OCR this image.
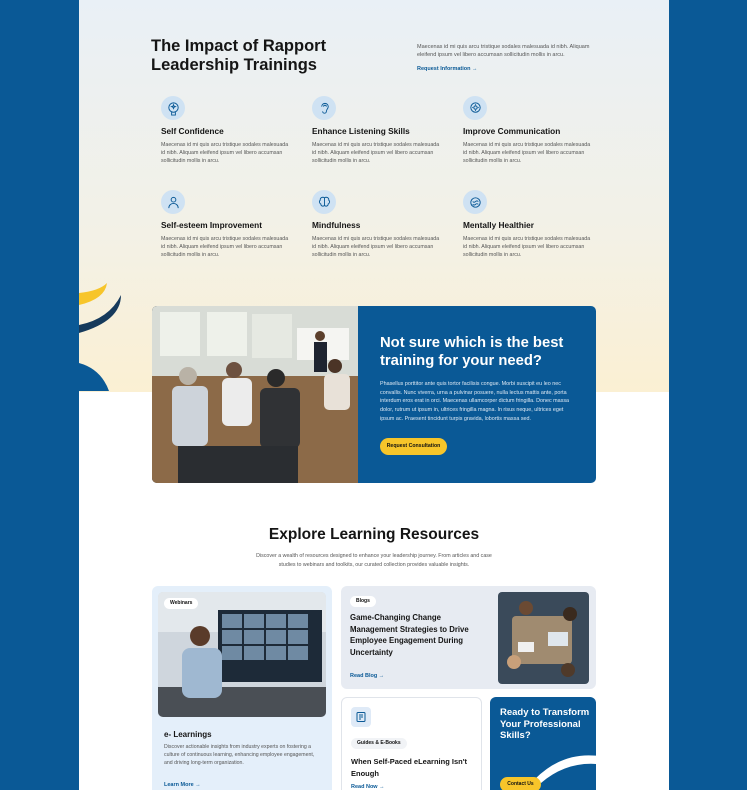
The Impact of Rapport
Leadership Trainings

Maecenas id mi quis arcu tristique sodales malesuada id nibh. Aliquam eleifend ipsum vel libero accumsan sollicitudin mollis in arcu.

Request Information →
Self Confidence
Maecenas id mi quis arcu tristique sodales malesuada id nibh. Aliquam eleifend ipsum vel libero accumsan sollicitudin mollis in arcu.
Enhance Listening Skills
Maecenas id mi quis arcu tristique sodales malesuada id nibh. Aliquam eleifend ipsum vel libero accumsan sollicitudin mollis in arcu.
Improve Communication
Maecenas id mi quis arcu tristique sodales malesuada id nibh. Aliquam eleifend ipsum vel libero accumsan sollicitudin mollis in arcu.
Self-esteem Improvement
Maecenas id mi quis arcu tristique sodales malesuada id nibh. Aliquam eleifend ipsum vel libero accumsan sollicitudin mollis in arcu.
Mindfulness
Maecenas id mi quis arcu tristique sodales malesuada id nibh. Aliquam eleifend ipsum vel libero accumsan sollicitudin mollis in arcu.
Mentally Healthier
Maecenas id mi quis arcu tristique sodales malesuada id nibh. Aliquam eleifend ipsum vel libero accumsan sollicitudin mollis in arcu.
Not sure which is the best training for your need?

Phasellus porttitor ante quis tortor facilisis congue. Morbi suscipit eu leo nec convallis. Nunc viverra, urna a pulvinar posuere, nulla lectus mattis ante, porta interdum eros erat in orci. Maecenas ullamcorper dictum fringilla. Donec massa dolor, rutrum ut ipsum in, ultrices fringilla magna. In risus neque, ultrices eget ipsum ac. Praesent tincidunt turpis gravida, lobortis massa sed.

Request Consultation
Explore Learning Resources

Discover a wealth of resources designed to enhance your leadership journey. From articles and case studies to webinars and toolkits, our curated collection provides valuable insights.

Webinars
e- Learnings

Discover actionable insights from industry experts on fostering a culture of continuous learning, enhancing employee engagement, and driving long-term organization.

Learn More →
Blogs
Game-Changing Change Management Strategies to Drive Employee Engagement During Uncertainty
Read Blog →
Guides & E-Books
When Self-Paced eLearning Isn't Enough
Read Now →
Ready to Transform Your Professional Skills?
Contact Us
